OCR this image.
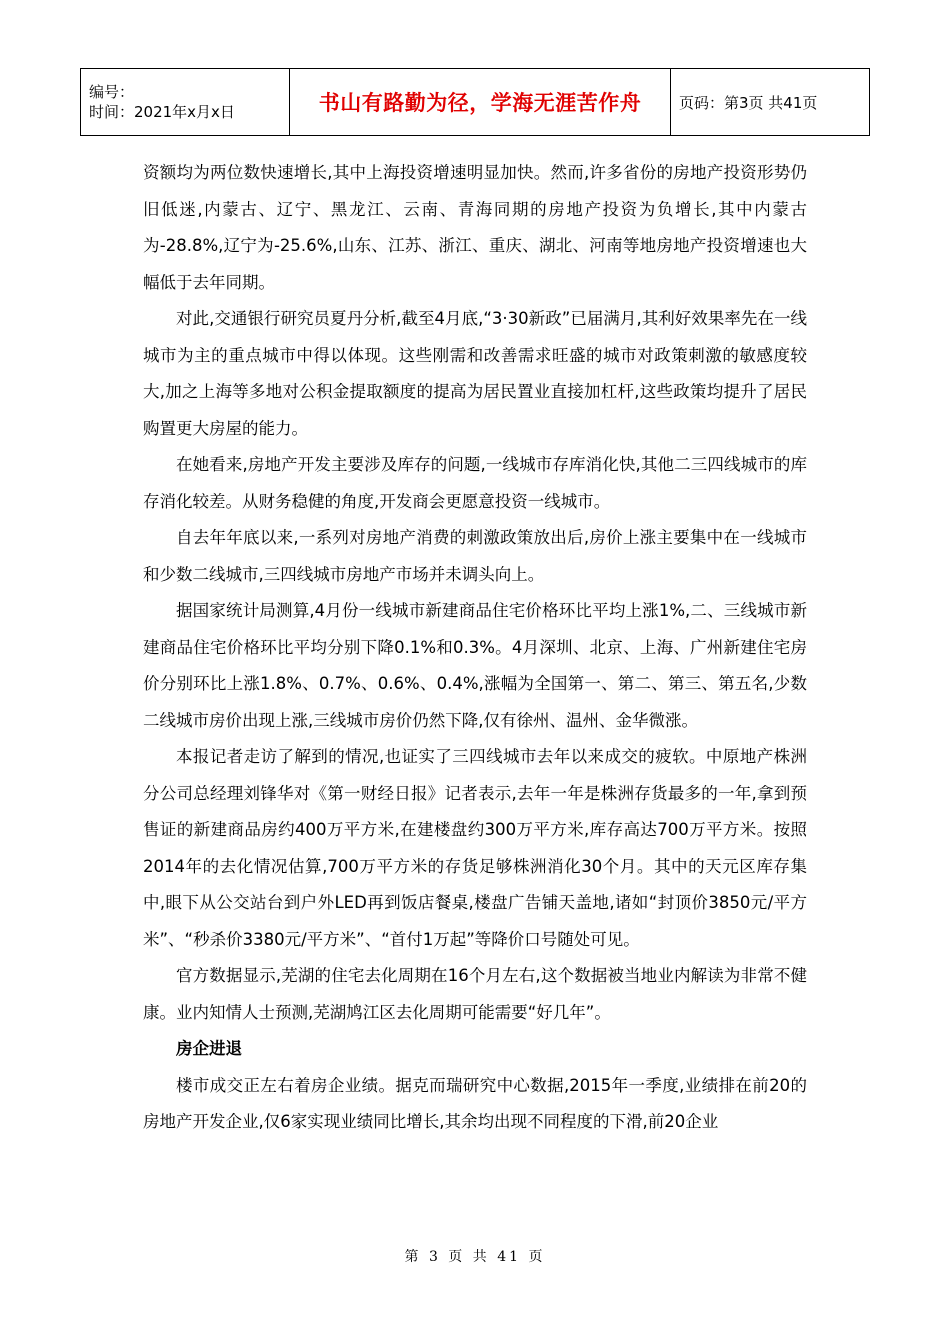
编号：
时间：2021年x月x日	书山有路勤为径，学海无涯苦作舟	页码：第3页 共41页

资额均为两位数快速增长,其中上海投资增速明显加快。然而,许多省份的房地产投资形势仍旧低迷,内蒙古、辽宁、黑龙江、云南、青海同期的房地产投资为负增长,其中内蒙古为-28.8%,辽宁为-25.6%,山东、江苏、浙江、重庆、湖北、河南等地房地产投资增速也大幅低于去年同期。

对此,交通银行研究员夏丹分析,截至4月底,“3·30新政”已届满月,其利好效果率先在一线城市为主的重点城市中得以体现。这些刚需和改善需求旺盛的城市对政策刺激的敏感度较大,加之上海等多地对公积金提取额度的提高为居民置业直接加杠杆,这些政策均提升了居民购置更大房屋的能力。

在她看来,房地产开发主要涉及库存的问题,一线城市存库消化快,其他二三四线城市的库存消化较差。从财务稳健的角度,开发商会更愿意投资一线城市。

自去年年底以来,一系列对房地产消费的刺激政策放出后,房价上涨主要集中在一线城市和少数二线城市,三四线城市房地产市场并未调头向上。

据国家统计局测算,4月份一线城市新建商品住宅价格环比平均上涨1%,二、三线城市新建商品住宅价格环比平均分别下降0.1%和0.3%。4月深圳、北京、上海、广州新建住宅房价分别环比上涨1.8%、0.7%、0.6%、0.4%,涨幅为全国第一、第二、第三、第五名,少数二线城市房价出现上涨,三线城市房价仍然下降,仅有徐州、温州、金华微涨。

本报记者走访了解到的情况,也证实了三四线城市去年以来成交的疲软。中原地产株洲分公司总经理刘锋华对《第一财经日报》记者表示,去年一年是株洲存货最多的一年,拿到预售证的新建商品房约400万平方米,在建楼盘约300万平方米,库存高达700万平方米。按照2014年的去化情况估算,700万平方米的存货足够株洲消化30个月。其中的天元区库存集中,眼下从公交站台到户外LED再到饭店餐桌,楼盘广告铺天盖地,诸如“封顶价3850元/平方米”、“秒杀价3380元/平方米”、“首付1万起”等降价口号随处可见。

官方数据显示,芜湖的住宅去化周期在16个月左右,这个数据被当地业内解读为非常不健康。业内知情人士预测,芜湖鸠江区去化周期可能需要“好几年”。

房企进退

楼市成交正左右着房企业绩。据克而瑞研究中心数据,2015年一季度,业绩排在前20的房地产开发企业,仅6家实现业绩同比增长,其余均出现不同程度的下滑,前20企业

第 3 页 共 41 页
